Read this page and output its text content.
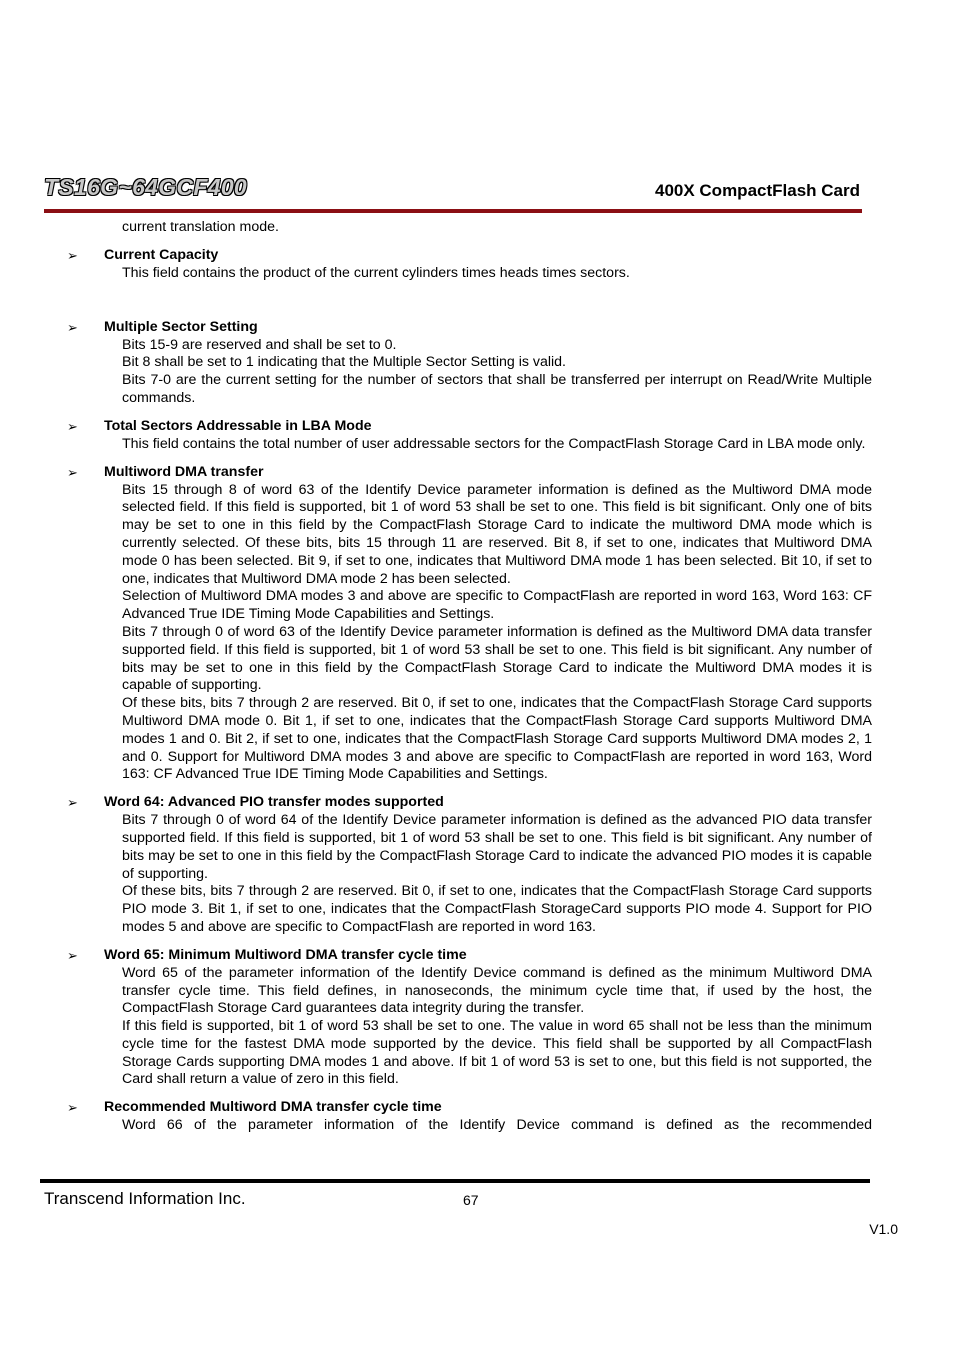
TS16G~64GCF400	400X CompactFlash Card
current translation mode.
➢	Current Capacity

This field contains the product of the current cylinders times heads times sectors.

➢	Multiple Sector Setting

Bits 15-9 are reserved and shall be set to 0.

Bit 8 shall be set to 1 indicating that the Multiple Sector Setting is valid.

Bits 7-0 are the current setting for the number of sectors that shall be transferred per interrupt on Read/Write Multiple commands.

➢	Total Sectors Addressable in LBA Mode

This field contains the total number of user addressable sectors for the CompactFlash Storage Card in LBA mode only.

➢	Multiword DMA transfer

Bits 15 through 8 of word 63 of the Identify Device parameter information is defined as the Multiword DMA mode selected field. If this field is supported, bit 1 of word 53 shall be set to one. This field is bit significant. Only one of bits may be set to one in this field by the CompactFlash Storage Card to indicate the multiword DMA mode which is currently selected. Of these bits, bits 15 through 11 are reserved. Bit 8, if set to one, indicates that Multiword DMA mode 0 has been selected. Bit 9, if set to one, indicates that Multiword DMA mode 1 has been selected. Bit 10, if set to one, indicates that Multiword DMA mode 2 has been selected.

Selection of Multiword DMA modes 3 and above are specific to CompactFlash are reported in word 163, Word 163: CF Advanced True IDE Timing Mode Capabilities and Settings.

Bits 7 through 0 of word 63 of the Identify Device parameter information is defined as the Multiword DMA data transfer supported field. If this field is supported, bit 1 of word 53 shall be set to one. This field is bit significant. Any number of bits may be set to one in this field by the CompactFlash Storage Card to indicate the Multiword DMA modes it is capable of supporting.

Of these bits, bits 7 through 2 are reserved. Bit 0, if set to one, indicates that the CompactFlash Storage Card supports Multiword DMA mode 0. Bit 1, if set to one, indicates that the CompactFlash Storage Card supports Multiword DMA modes 1 and 0. Bit 2, if set to one, indicates that the CompactFlash Storage Card supports Multiword DMA modes 2, 1 and 0. Support for Multiword DMA modes 3 and above are specific to CompactFlash are reported in word 163, Word 163: CF Advanced True IDE Timing Mode Capabilities and Settings.

➢	Word 64: Advanced PIO transfer modes supported

Bits 7 through 0 of word 64 of the Identify Device parameter information is defined as the advanced PIO data transfer supported field. If this field is supported, bit 1 of word 53 shall be set to one. This field is bit significant. Any number of bits may be set to one in this field by the CompactFlash Storage Card to indicate the advanced PIO modes it is capable of supporting.

Of these bits, bits 7 through 2 are reserved. Bit 0, if set to one, indicates that the CompactFlash Storage Card supports PIO mode 3. Bit 1, if set to one, indicates that the CompactFlash StorageCard supports PIO mode 4. Support for PIO modes 5 and above are specific to CompactFlash are reported in word 163.

➢	Word 65: Minimum Multiword DMA transfer cycle time

Word 65 of the parameter information of the Identify Device command is defined as the minimum Multiword DMA transfer cycle time. This field defines, in nanoseconds, the minimum cycle time that, if used by the host, the CompactFlash Storage Card guarantees data integrity during the transfer.

If this field is supported, bit 1 of word 53 shall be set to one. The value in word 65 shall not be less than the minimum cycle time for the fastest DMA mode supported by the device. This field shall be supported by all CompactFlash Storage Cards supporting DMA modes 1 and above. If bit 1 of word 53 is set to one, but this field is not supported, the Card shall return a value of zero in this field.

➢	Recommended Multiword DMA transfer cycle time

Word 66 of the parameter information of the Identify Device command is defined as the recommended

Transcend Information Inc.	67
V1.0
